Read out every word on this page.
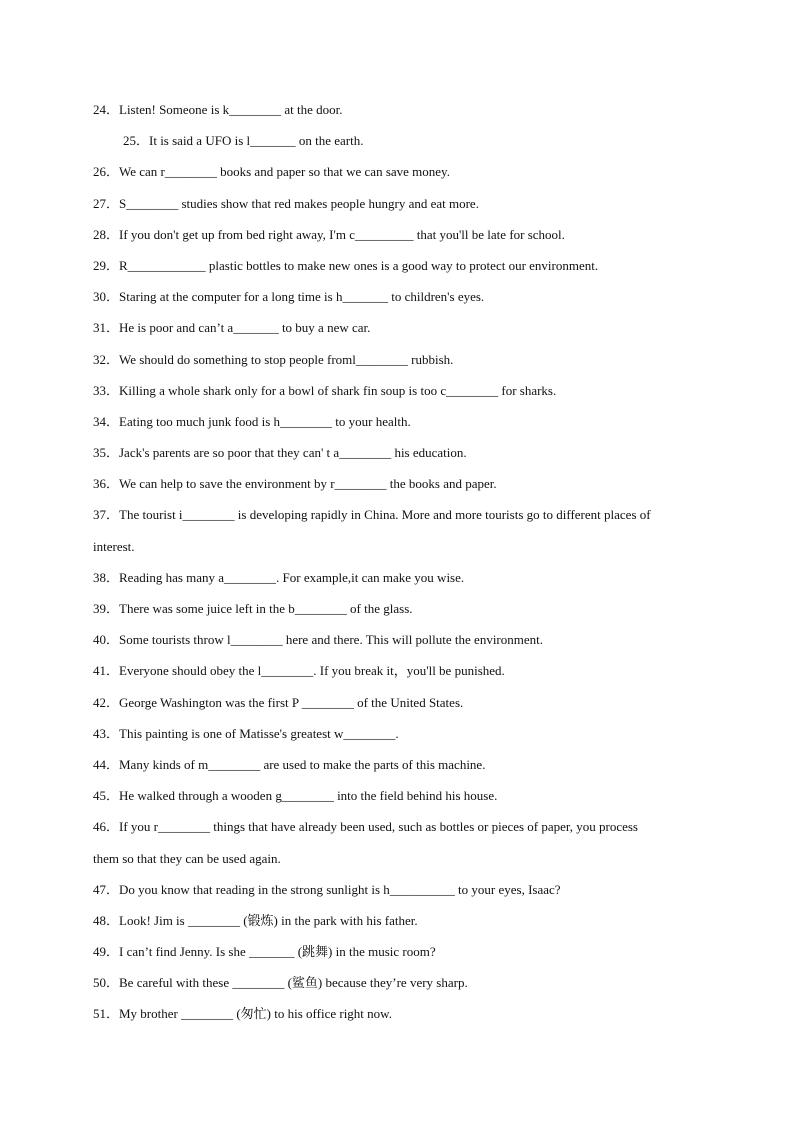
24．Listen! Someone is k________ at the door.
25．It is said a UFO is l_______ on the earth.
26．We can r________ books and paper so that we can save money.
27．S________ studies show that red makes people hungry and eat more.
28．If you don't get up from bed right away, I'm c_________ that you'll be late for school.
29．R____________ plastic bottles to make new ones is a good way to protect our environment.
30．Staring at the computer for a long time is h_______ to children's eyes.
31．He is poor and can’t a_______ to buy a new car.
32．We should do something to stop people froml________ rubbish.
33．Killing a whole shark only for a bowl of shark fin soup is too c________ for sharks.
34．Eating too much junk food is h________ to your health.
35．Jack's parents are so poor that they can' t a________ his education.
36．We can help to save the environment by r________ the books and paper.
37．The tourist i________ is developing rapidly in China. More and more tourists go to different places of
interest.
38．Reading has many a________. For example,it can make you wise.
39．There was some juice left in the b________ of the glass.
40．Some tourists throw l________ here and there. This will pollute the environment.
41．Everyone should obey the l________. If you break it，you'll be punished.
42．George Washington was the first P ________ of the United States.
43．This painting is one of Matisse's greatest w________.
44．Many kinds of m________ are used to make the parts of this machine.
45．He walked through a wooden g________ into the field behind his house.
46．If you r________ things that have already been used, such as bottles or pieces of paper, you process
them so that they can be used again.
47．Do you know that reading in the strong sunlight is h__________ to your eyes, Isaac?
48．Look! Jim is ________ (锻炼) in the park with his father.
49．I can’t find Jenny. Is she _______ (跳舞) in the music room?
50．Be careful with these ________ (鲨鱼) because they’re very sharp.
51．My brother ________ (匆忙) to his office right now.
